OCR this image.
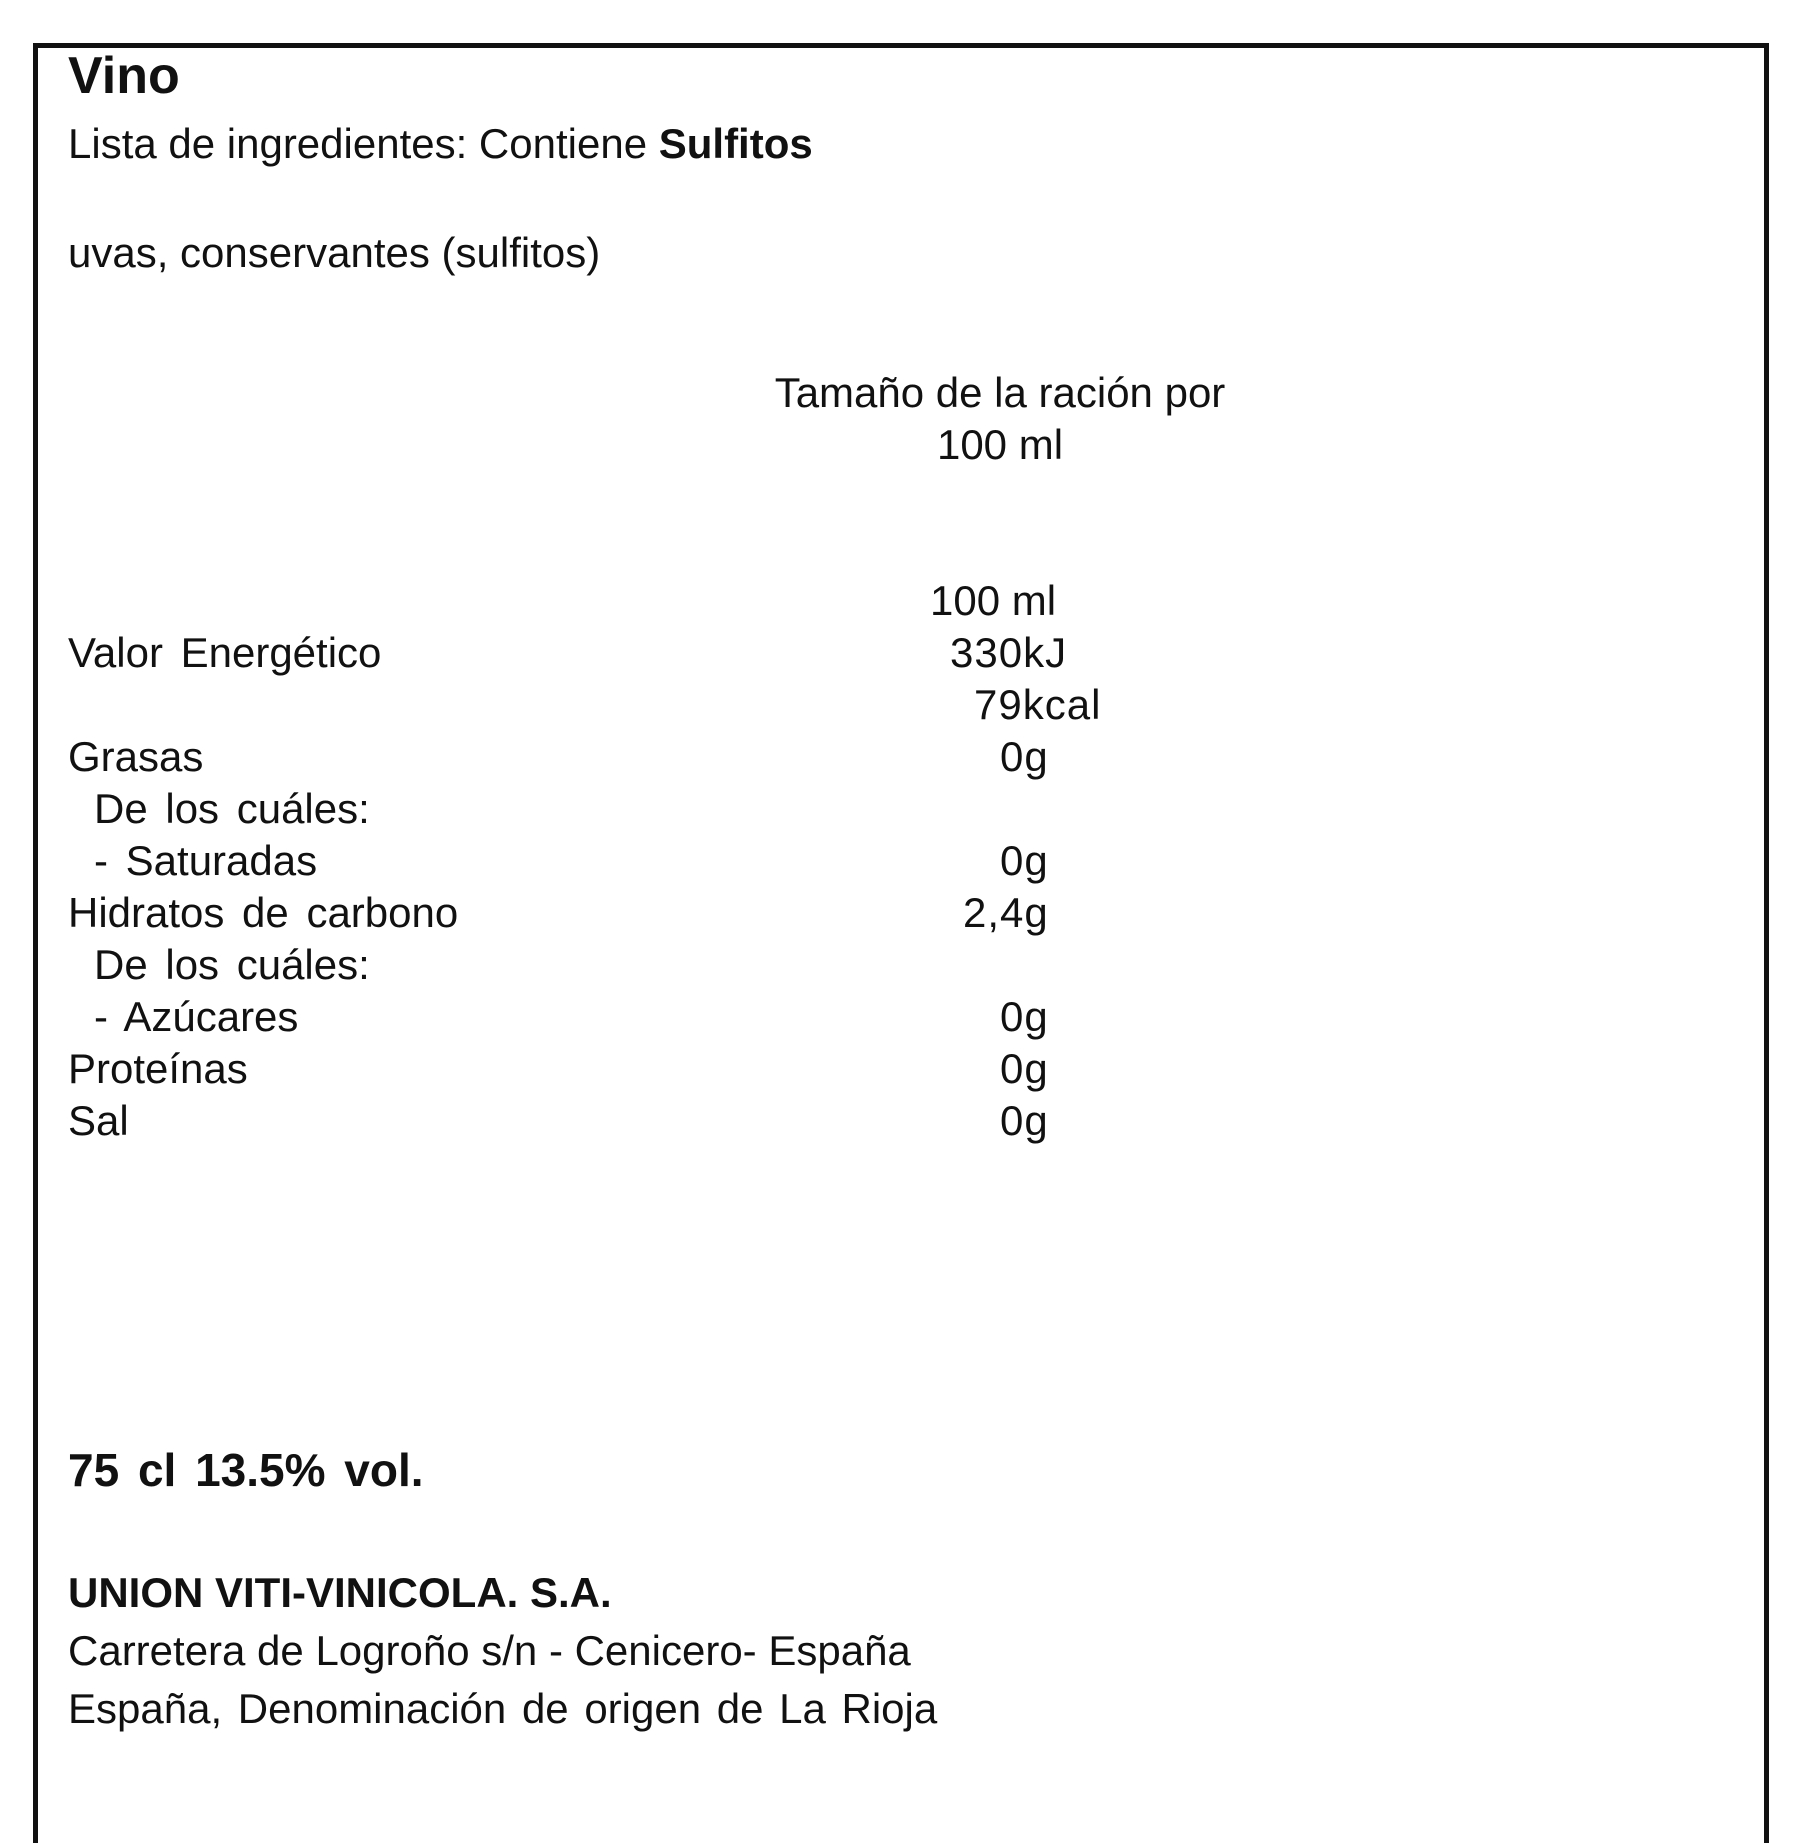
Vino
Lista de ingredientes: Contiene Sulfitos
uvas, conservantes (sulfitos)
Tamaño de la ración por
100 ml
100 ml
Valor Energético	330kJ
79kcal
Grasas	0g
De los cuáles:
- Saturadas	0g
Hidratos de carbono	2,4g
De los cuáles:
- Azúcares	0g
Proteínas	0g
Sal	0g
75 cl 13.5% vol.
UNION VITI-VINICOLA. S.A.
Carretera de Logroño s/n - Cenicero- España
España, Denominación de origen de La Rioja
